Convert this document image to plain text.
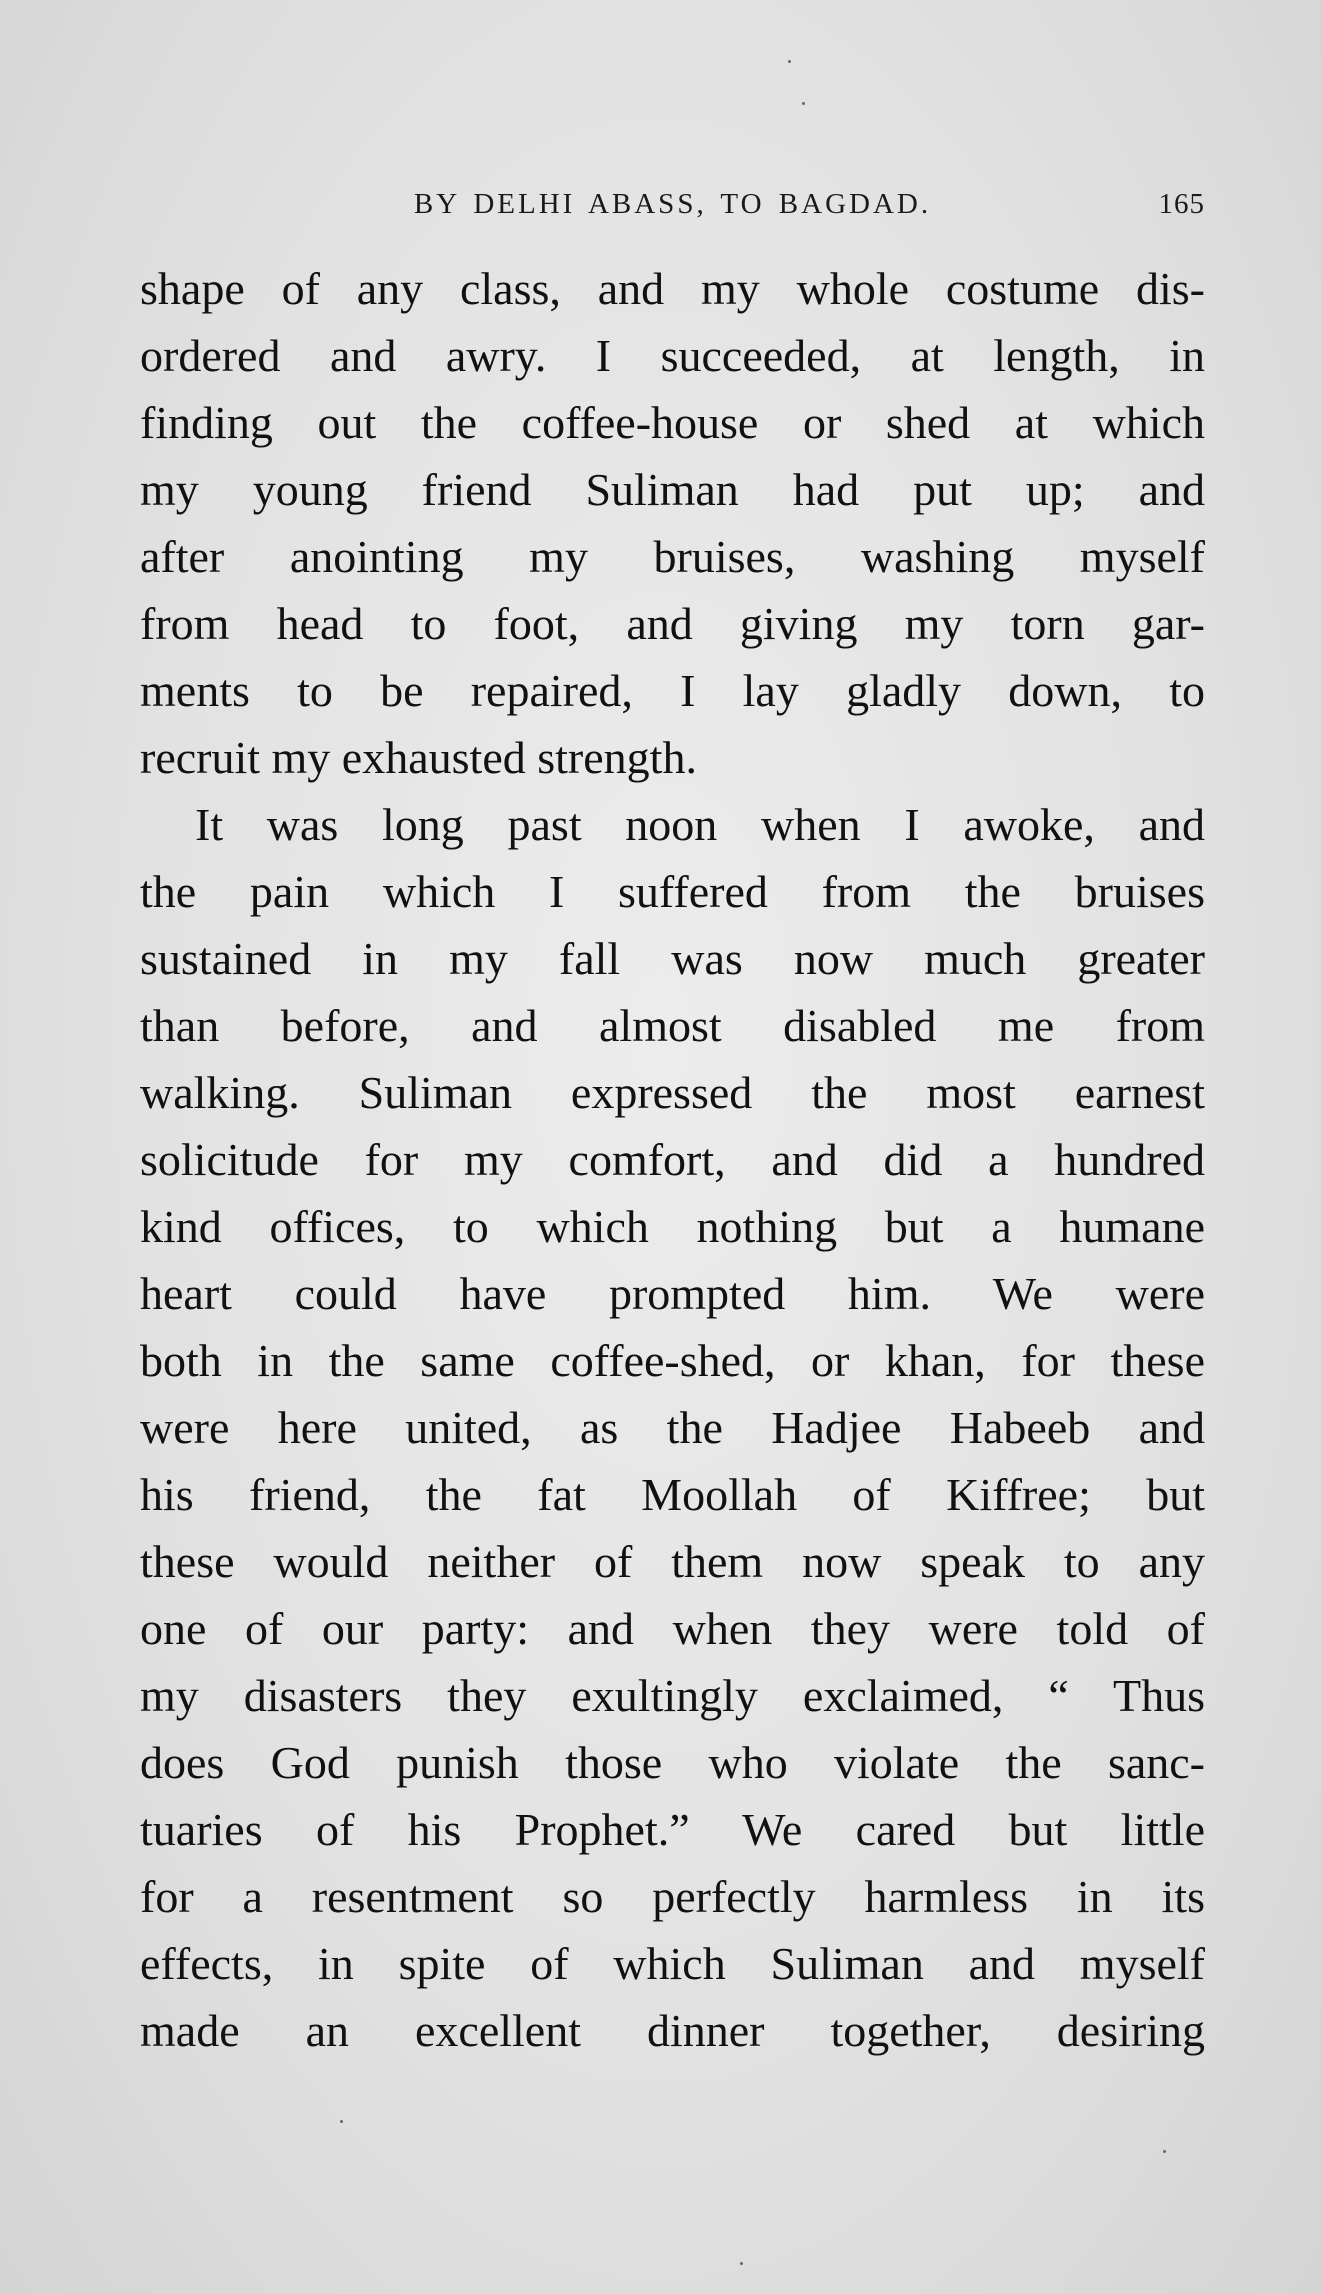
BY DELHI ABASS, TO BAGDAD.	165
shape of any class, and my whole costume dis-
ordered and awry. I succeeded, at length, in
finding out the coffee-house or shed at which
my young friend Suliman had put up; and
after anointing my bruises, washing myself
from head to foot, and giving my torn gar-
ments to be repaired, I lay gladly down, to
recruit my exhausted strength.
It was long past noon when I awoke, and
the pain which I suffered from the bruises
sustained in my fall was now much greater
than before, and almost disabled me from
walking. Suliman expressed the most earnest
solicitude for my comfort, and did a hundred
kind offices, to which nothing but a humane
heart could have prompted him. We were
both in the same coffee-shed, or khan, for these
were here united, as the Hadjee Habeeb and
his friend, the fat Moollah of Kiffree; but
these would neither of them now speak to any
one of our party: and when they were told of
my disasters they exultingly exclaimed, “ Thus
does God punish those who violate the sanc-
tuaries of his Prophet.” We cared but little
for a resentment so perfectly harmless in its
effects, in spite of which Suliman and myself
made an excellent dinner together, desiring
